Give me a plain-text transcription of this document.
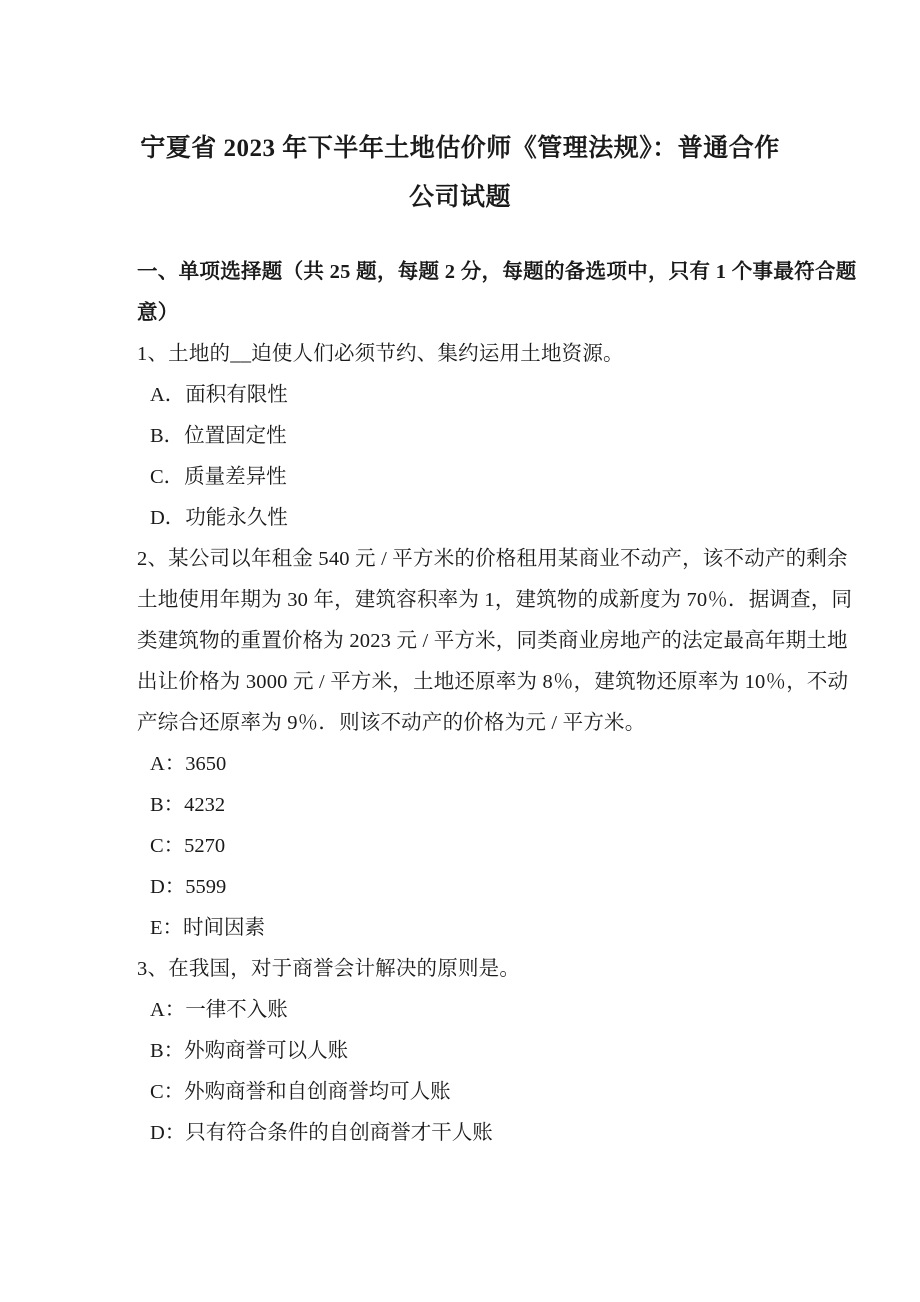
宁夏省 2023 年下半年土地估价师《管理法规》：普通合作
公司试题
一、单项选择题（共 25 题，每题 2 分，每题的备选项中，只有 1 个事最符合题
意）
1、土地的__迫使人们必须节约、集约运用土地资源。
A．面积有限性
B．位置固定性
C．质量差异性
D．功能永久性
2、某公司以年租金 540 元 / 平方米的价格租用某商业不动产，该不动产的剩余
土地使用年期为 30 年，建筑容积率为 1，建筑物的成新度为 70％．据调查，同
类建筑物的重置价格为 2023 元 / 平方米，同类商业房地产的法定最高年期土地
出让价格为 3000 元 / 平方米，土地还原率为 8％，建筑物还原率为 10％，不动
产综合还原率为 9％．则该不动产的价格为元 / 平方米。
A：3650
B：4232
C：5270
D：5599
E：时间因素
3、在我国，对于商誉会计解决的原则是。
A：一律不入账
B：外购商誉可以人账
C：外购商誉和自创商誉均可人账
D：只有符合条件的自创商誉才干人账
